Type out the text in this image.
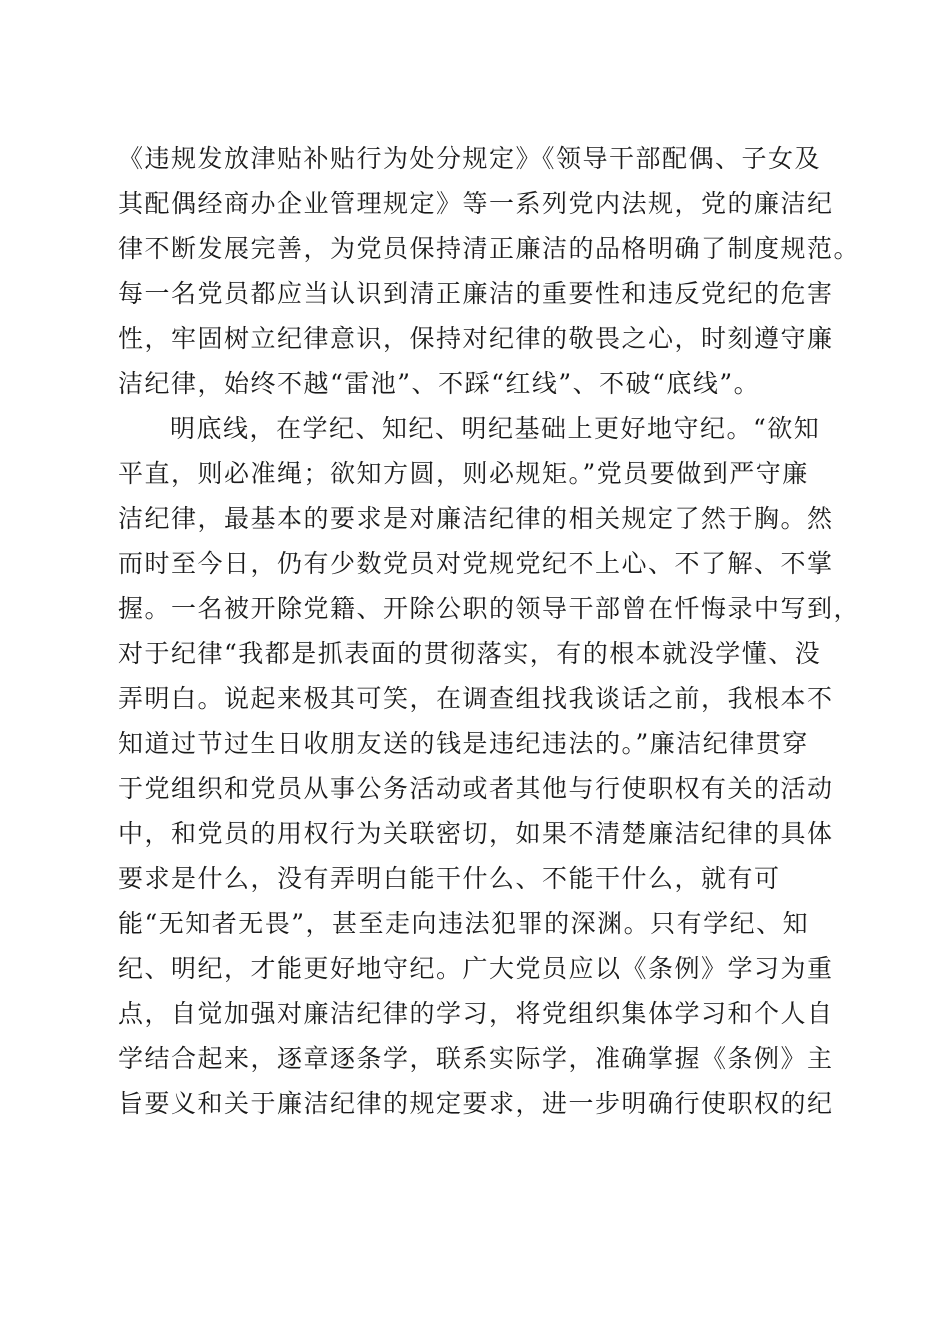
《违规发放津贴补贴行为处分规定》《领导干部配偶、子女及
其配偶经商办企业管理规定》等一系列党内法规，党的廉洁纪
律不断发展完善，为党员保持清正廉洁的品格明确了制度规范。
每一名党员都应当认识到清正廉洁的重要性和违反党纪的危害
性，牢固树立纪律意识，保持对纪律的敬畏之心，时刻遵守廉
洁纪律，始终不越“雷池”、不踩“红线”、不破“底线”。
明底线，在学纪、知纪、明纪基础上更好地守纪。“欲知
平直，则必准绳；欲知方圆，则必规矩。”党员要做到严守廉
洁纪律，最基本的要求是对廉洁纪律的相关规定了然于胸。然
而时至今日，仍有少数党员对党规党纪不上心、不了解、不掌
握。一名被开除党籍、开除公职的领导干部曾在忏悔录中写到，
对于纪律“我都是抓表面的贯彻落实，有的根本就没学懂、没
弄明白。说起来极其可笑，在调查组找我谈话之前，我根本不
知道过节过生日收朋友送的钱是违纪违法的。”廉洁纪律贯穿
于党组织和党员从事公务活动或者其他与行使职权有关的活动
中，和党员的用权行为关联密切，如果不清楚廉洁纪律的具体
要求是什么，没有弄明白能干什么、不能干什么，就有可
能“无知者无畏”，甚至走向违法犯罪的深渊。只有学纪、知
纪、明纪，才能更好地守纪。广大党员应以《条例》学习为重
点，自觉加强对廉洁纪律的学习，将党组织集体学习和个人自
学结合起来，逐章逐条学，联系实际学，准确掌握《条例》主
旨要义和关于廉洁纪律的规定要求，进一步明确行使职权的纪
